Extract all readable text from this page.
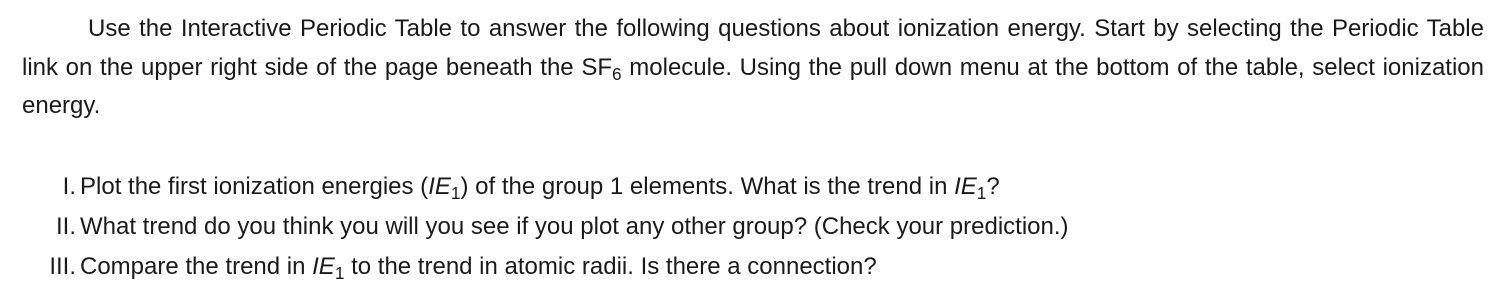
Use the Interactive Periodic Table to answer the following questions about ionization energy. Start by selecting the Periodic Table link on the upper right side of the page beneath the $SF_6$ molecule. Using the pull down menu at the bottom of the table, select ionization energy.

I. Plot the first ionization energies $(IE_1)$ of the group 1 elements. What is the trend in $IE_1$?
II. What trend do you think you will you see if you plot any other group? (Check your prediction.)
III. Compare the trend in $IE_1$ to the trend in atomic radii. Is there a connection?
